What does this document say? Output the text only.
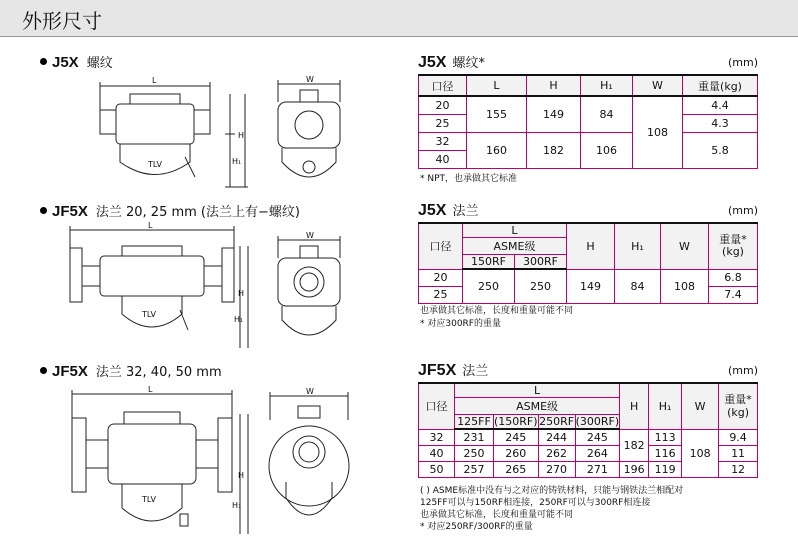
外形尺寸
J5X 螺纹
JF5X 法兰 20, 25 mm (法兰上有−螺纹)
JF5X 法兰 32, 40, 50 mm
L
TLV	H₁
H
W
L
TLV
H₁
H
W
L
TLV
H₁
H
W
J5X 螺纹*	(mm)
口径	L	H	H₁	W	重量(kg)
20	155	149	84	108	4.4
25					4.3
32	160	182	106		5.8
40					
* NPT，也承做其它标准
J5X 法兰	(mm)
口径	L		H	H₁	W	重量*
(kg)
	ASME级					
	150RF	300RF				
20	250	250	149	84	108	6.8
25						7.4
也承做其它标准，长度和重量可能不同
* 对应300RF的重量
JF5X 法兰	(mm)
口径	L				H	H₁	W	重量*
(kg)
	ASME级							
	125FF	(150RF)	250RF	(300RF)				
32	231	245	244	245	182	113	108	9.4
40	250	260	262	264		116		11
50	257	265	270	271	196	119		12
( ) ASME标准中没有与之对应的铸铁材料，只能与钢铁法兰相配对
125FF可以与150RF相连接，250RF可以与300RF相连接
也承做其它标准，长度和重量可能不同
* 对应250RF/300RF的重量
